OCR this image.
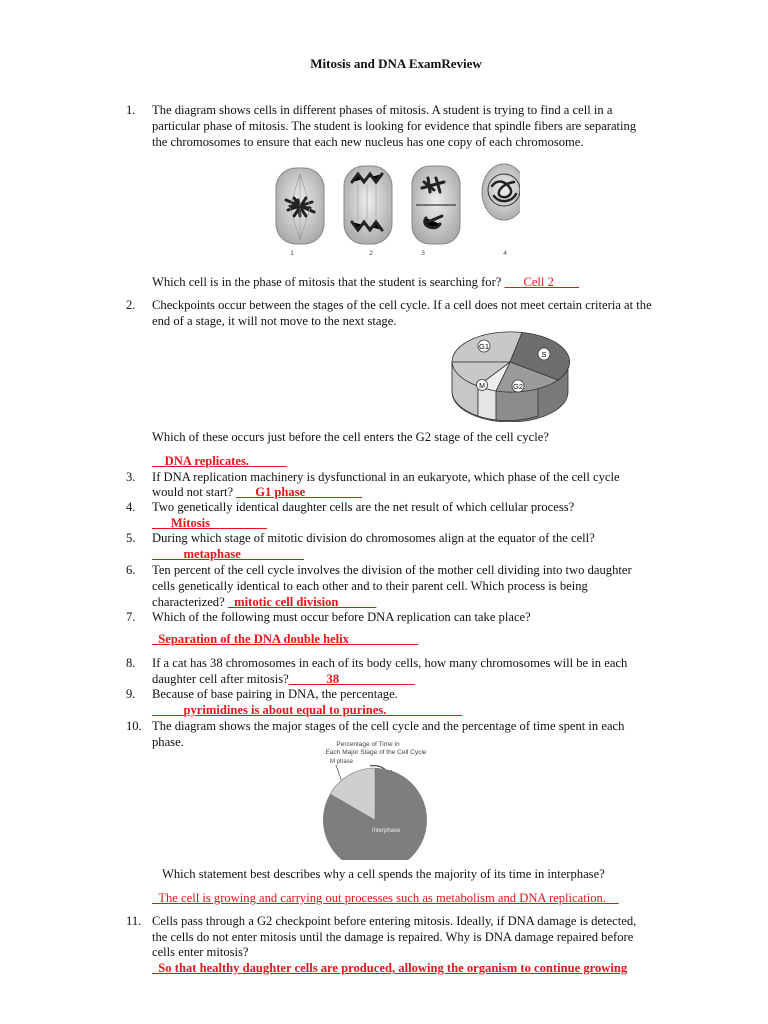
Mitosis and DNA ExamReview
1.	The diagram shows cells in different phases of mitosis. A student is trying to find a cell in a
particular phase of mitosis. The student is looking for evidence that spindle fibers are separating
the chromosomes to ensure that each new nucleus has one copy of each chromosome.
1	2	3	4
Which cell is in the phase of mitosis that the student is searching for? ___Cell 2____
2.	Checkpoints occur between the stages of the cell cycle. If a cell does not meet certain criteria at the
end of a stage, it will not move to the next stage.
G1
S
M	G2
Which of these occurs just before the cell enters the G2 stage of the cell cycle?
__DNA replicates.______
3.	If DNA replication machinery is dysfunctional in an eukaryote, which phase of the cell cycle
would not start? ___G1 phase_________
4.	Two genetically identical daughter cells are the net result of which cellular process?
___Mitosis_________
5.	During which stage of mitotic division do chromosomes align at the equator of the cell?
_____metaphase__________
6.	Ten percent of the cell cycle involves the division of the mother cell dividing into two daughter
cells genetically identical to each other and to their parent cell. Which process is being
characterized? _mitotic cell division______
7.	Which of the following must occur before DNA replication can take place?
_Separation of the DNA double helix___________
8.	If a cat has 38 chromosomes in each of its body cells, how many chromosomes will be in each
daughter cell after mitosis?______38____________
9.	Because of base pairing in DNA, the percentage.
_____pyrimidines is about equal to purines.____________
10. The diagram shows the major stages of the cell cycle and the percentage of time spent in each
phase.	Percentage of Time in
Each Major Stage of the Cell Cycle
M phase
Interphase
Which statement best describes why a cell spends the majority of its time in interphase?
_The cell is growing and carrying out processes such as metabolism and DNA replication.__
11. Cells pass through a G2 checkpoint before entering mitosis. Ideally, if DNA damage is detected,
the cells do not enter mitosis until the damage is repaired. Why is DNA damage repaired before
cells enter mitosis?
_So that healthy daughter cells are produced, allowing the organism to continue growing
